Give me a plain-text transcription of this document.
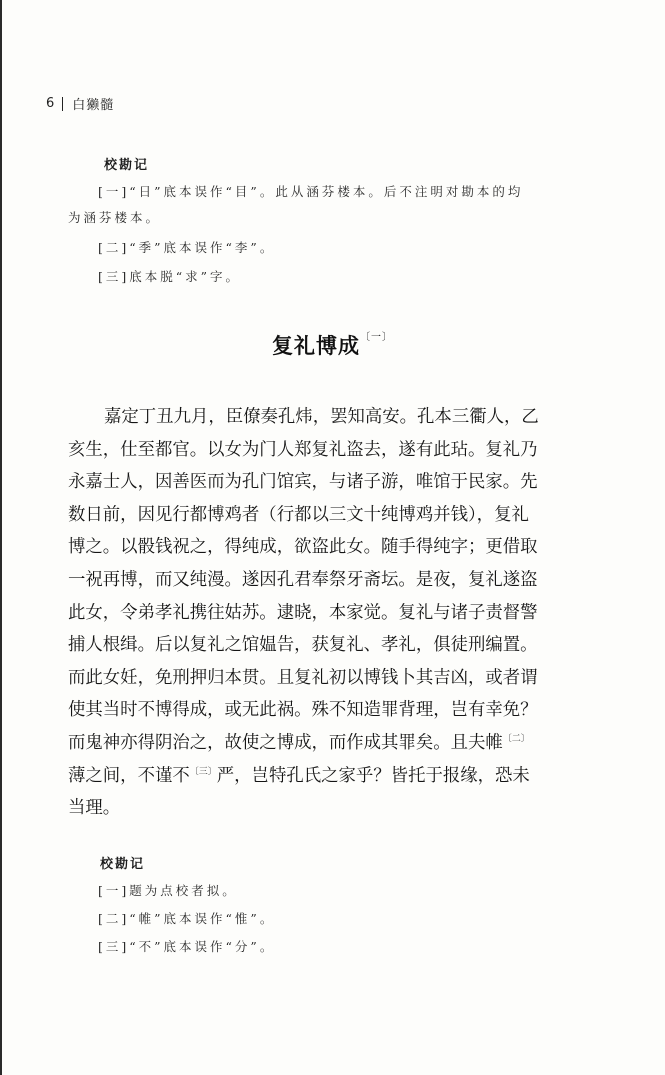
6 白獭髓
校勘记
[一]“日”底本误作“目”。此从涵芬楼本。后不注明对勘本的均
为涵芬楼本。
[二]“季”底本误作“李”。
[三]底本脱“求”字。
复礼博成$^{〔一〕}$
嘉定丁丑九月，臣僚奏孔炜，罢知高安。孔本三衢人，乙
亥生，仕至都官。以女为门人郑复礼盗去，遂有此玷。复礼乃
永嘉士人，因善医而为孔门馆宾，与诸子游，唯馆于民家。先
数日前，因见行都博鸡者（行都以三文十纯博鸡并钱），复礼
博之。以骰钱祝之，得纯成，欲盗此女。随手得纯字；更借取
一祝再博，而又纯漫。遂因孔君奉祭牙斋坛。是夜，复礼遂盗
此女，令弟孝礼携往姑苏。逮晓，本家觉。复礼与诸子责督警
捕人根缉。后以复礼之馆媪告，获复礼、孝礼，俱徒刑编置。
而此女妊，免刑押归本贯。且复礼初以博钱卜其吉凶，或者谓
使其当时不博得成，或无此祸。殊不知造罪背理，岂有幸免？
而鬼神亦得阴治之，故使之博成，而作成其罪矣。且夫帷$^{〔二〕}$
薄之间，不谨不$^{〔三〕}$严，岂特孔氏之家乎？皆托于报缘，恐未
当理。
校勘记
[一]题为点校者拟。
[二]“帷”底本误作“惟”。
[三]“不”底本误作“分”。
